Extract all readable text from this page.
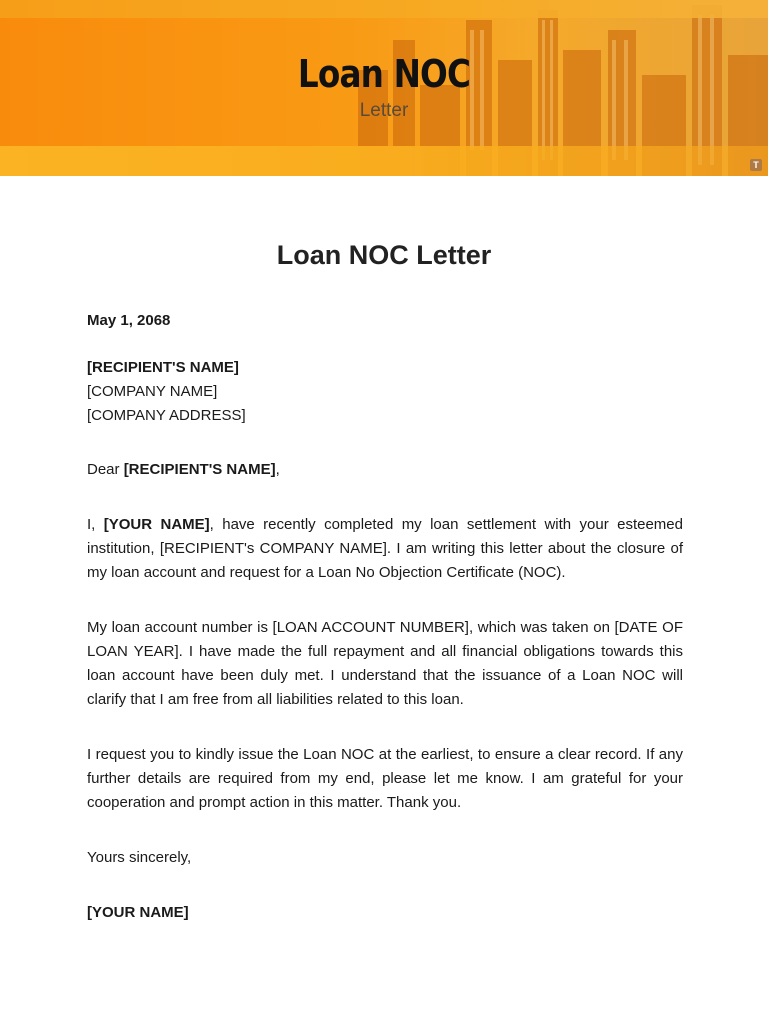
Loan NOC
Letter
T
Loan NOC Letter

May 1, 2068

[RECIPIENT'S NAME]

[COMPANY NAME]

[COMPANY ADDRESS]

Dear [RECIPIENT'S NAME],

I, [YOUR NAME], have recently completed my loan settlement with your esteemed institution, [RECIPIENT's COMPANY NAME]. I am writing this letter about the closure of my loan account and request for a Loan No Objection Certificate (NOC).

My loan account number is [LOAN ACCOUNT NUMBER], which was taken on [DATE OF LOAN YEAR]. I have made the full repayment and all financial obligations towards this loan account have been duly met. I understand that the issuance of a Loan NOC will clarify that I am free from all liabilities related to this loan.

I request you to kindly issue the Loan NOC at the earliest, to ensure a clear record. If any further details are required from my end, please let me know. I am grateful for your cooperation and prompt action in this matter. Thank you.

Yours sincerely,

[YOUR NAME]
